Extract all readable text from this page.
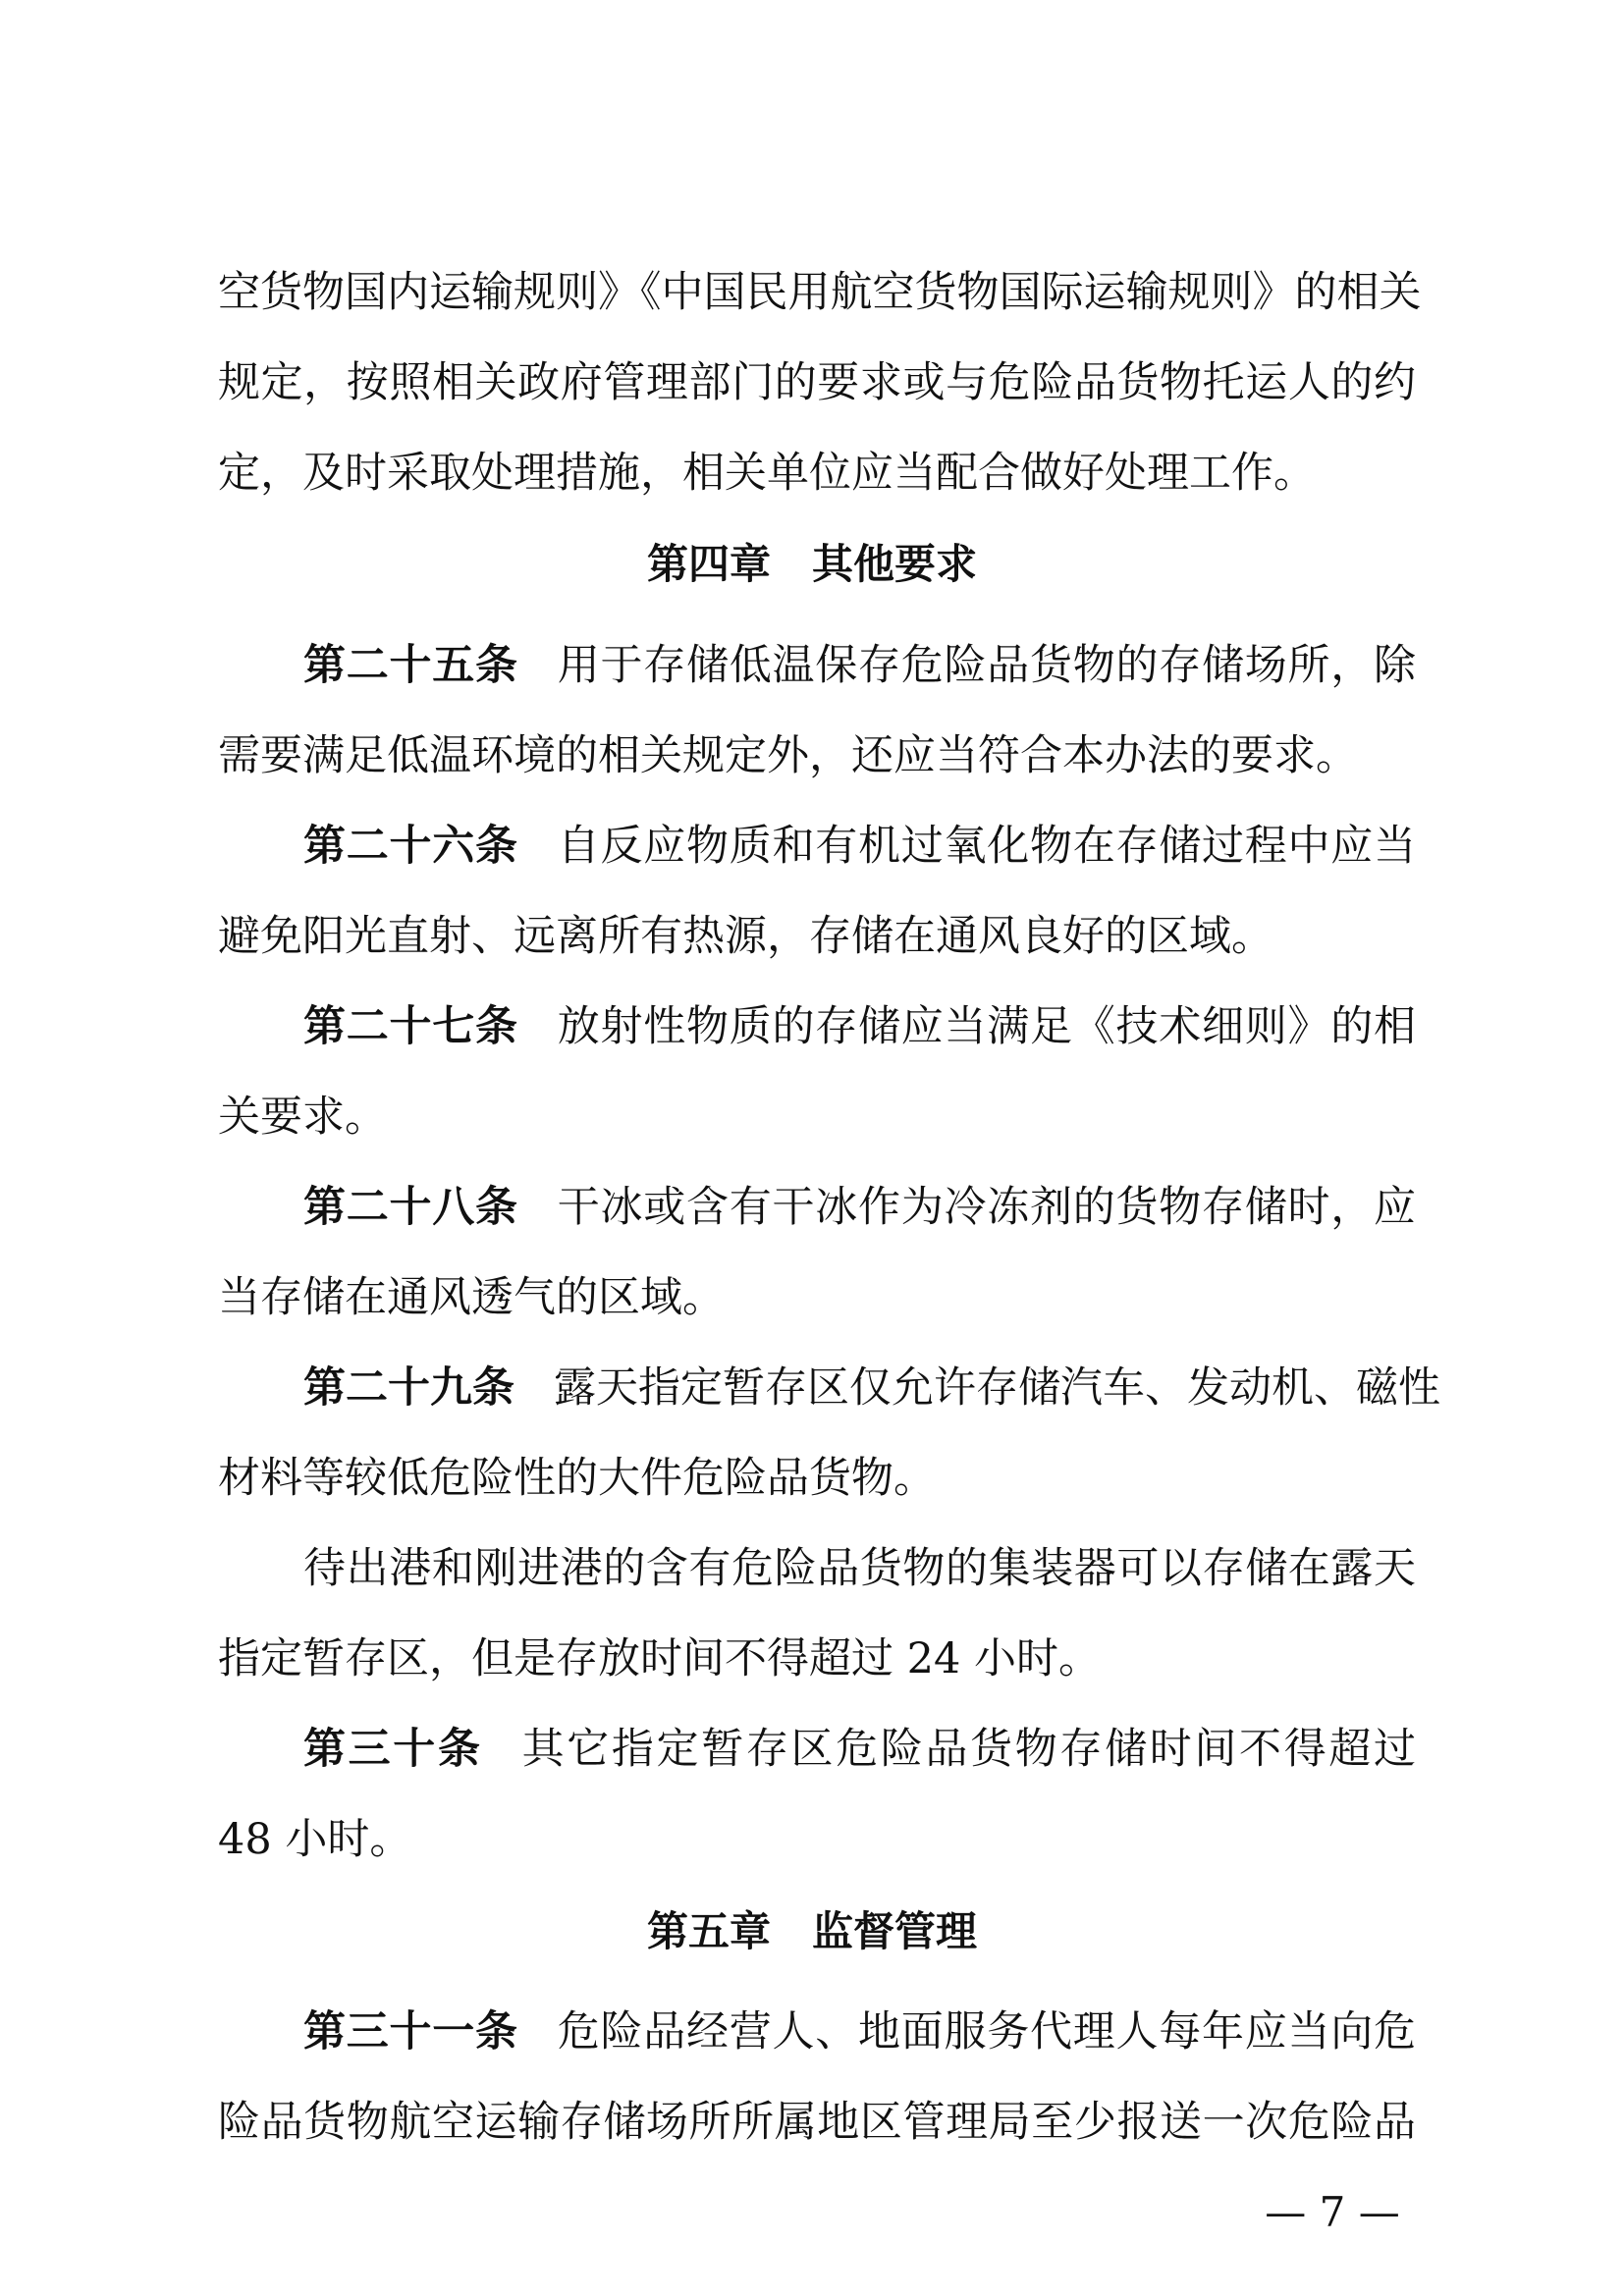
空货物国内运输规则》《中国民用航空货物国际运输规则》的相关
规定，按照相关政府管理部门的要求或与危险品货物托运人的约
定，及时采取处理措施，相关单位应当配合做好处理工作。
第四章　其他要求
第二十五条 用于存储低温保存危险品货物的存储场所，除
需要满足低温环境的相关规定外，还应当符合本办法的要求。
第二十六条 自反应物质和有机过氧化物在存储过程中应当
避免阳光直射、远离所有热源，存储在通风良好的区域。
第二十七条 放射性物质的存储应当满足《技术细则》的相
关要求。
第二十八条 干冰或含有干冰作为冷冻剂的货物存储时，应
当存储在通风透气的区域。
第二十九条 露天指定暂存区仅允许存储汽车、发动机、磁性
材料等较低危险性的大件危险品货物。
待出港和刚进港的含有危险品货物的集装器可以存储在露天
指定暂存区，但是存放时间不得超过 24 小时。
第三十条 其它指定暂存区危险品货物存储时间不得超过
48 小时。
第五章　监督管理
第三十一条 危险品经营人、地面服务代理人每年应当向危
险品货物航空运输存储场所所属地区管理局至少报送一次危险品
— 7 —
